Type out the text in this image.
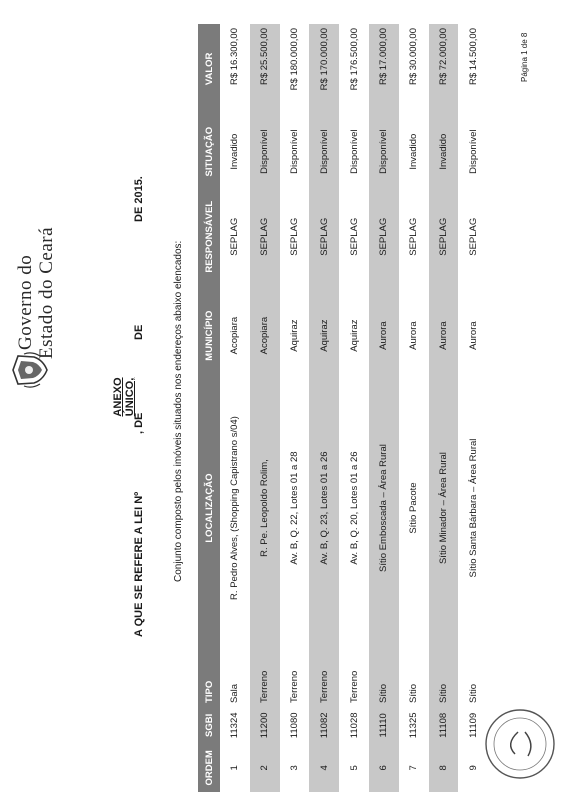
Governo do Estado do Ceará
ANEXO ÚNICO,
A QUE SE REFERE A LEI Nº
, DE
DE
DE 2015.
Conjunto composto pelos imóveis situados nos endereços abaixo elencados:
ORDEM	SGBI	TIPO	LOCALIZAÇÃO	MUNICÍPIO	RESPONSÁVEL	SITUAÇÃO	VALOR
1	11324	Sala	R. Pedro Alves, (Shopping Capistrano s/04)	Acopiara	SEPLAG	Invadido	R$ 16.300,00
2	11200	Terreno	R. Pe. Leopoldo Rolim,	Acopiara	SEPLAG	Disponível	R$ 25.500,00
3	11080	Terreno	Av. B, Q. 22, Lotes 01 a 28	Aquiraz	SEPLAG	Disponível	R$ 180.000,00
4	11082	Terreno	Av. B, Q. 23, Lotes 01 a 26	Aquiraz	SEPLAG	Disponível	R$ 170.000,00
5	11028	Terreno	Av. B, Q. 20, Lotes 01 a 26	Aquiraz	SEPLAG	Disponível	R$ 176.500,00
6	11110	Sítio	Sítio Emboscada – Área Rural	Aurora	SEPLAG	Disponível	R$ 17.000,00
7	11325	Sítio	Sítio Pacote	Aurora	SEPLAG	Invadido	R$ 30.000,00
8	11108	Sítio	Sítio Minador – Área Rural	Aurora	SEPLAG	Invadido	R$ 72.000,00
9	11109	Sítio	Sítio Santa Bárbara – Área Rural	Aurora	SEPLAG	Disponível	R$ 14.500,00	Página 1 de 8
